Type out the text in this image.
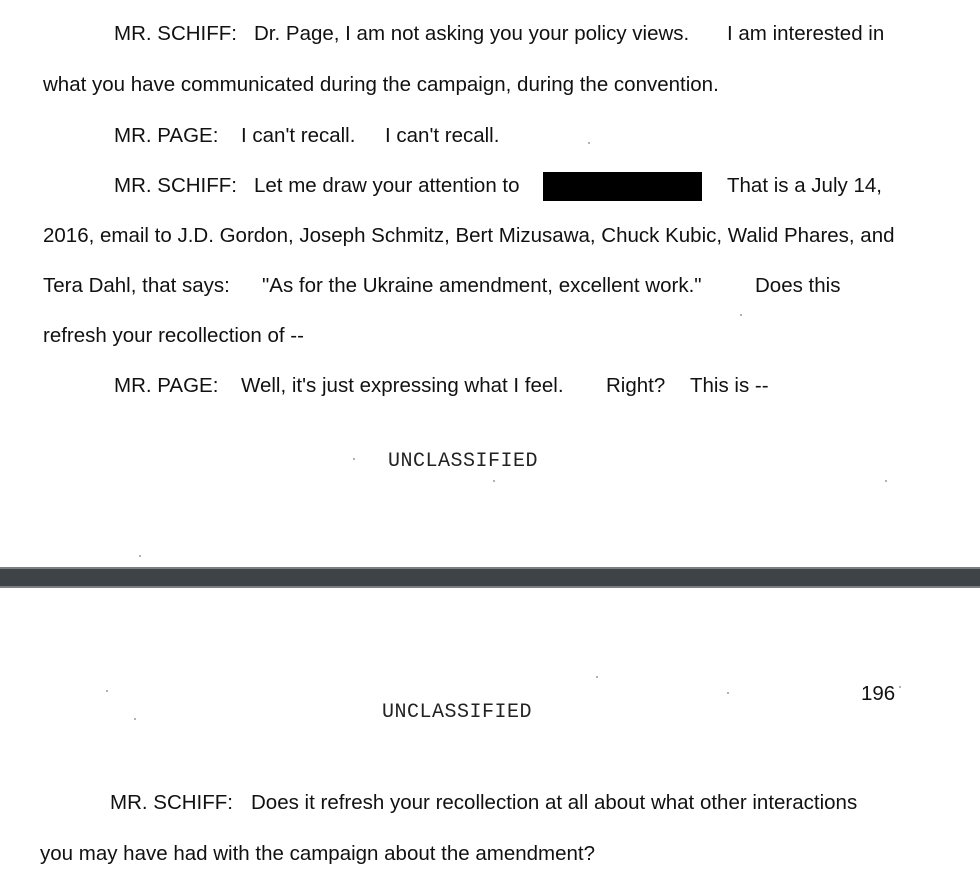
MR. SCHIFF: Dr. Page, I am not asking you your policy views. I am interested in
what you have communicated during the campaign, during the convention.
MR. PAGE: I can't recall. I can't recall.
MR. SCHIFF: Let me draw your attention to	That is a July 14,
2016, email to J.D. Gordon, Joseph Schmitz, Bert Mizusawa, Chuck Kubic, Walid Phares, and
Tera Dahl, that says: "As for the Ukraine amendment, excellent work."	Does this
refresh your recollection of --
MR. PAGE: Well, it's just expressing what I feel. Right? This is --
UNCLASSIFIED
196
UNCLASSIFIED
MR. SCHIFF: Does it refresh your recollection at all about what other interactions
you may have had with the campaign about the amendment?
